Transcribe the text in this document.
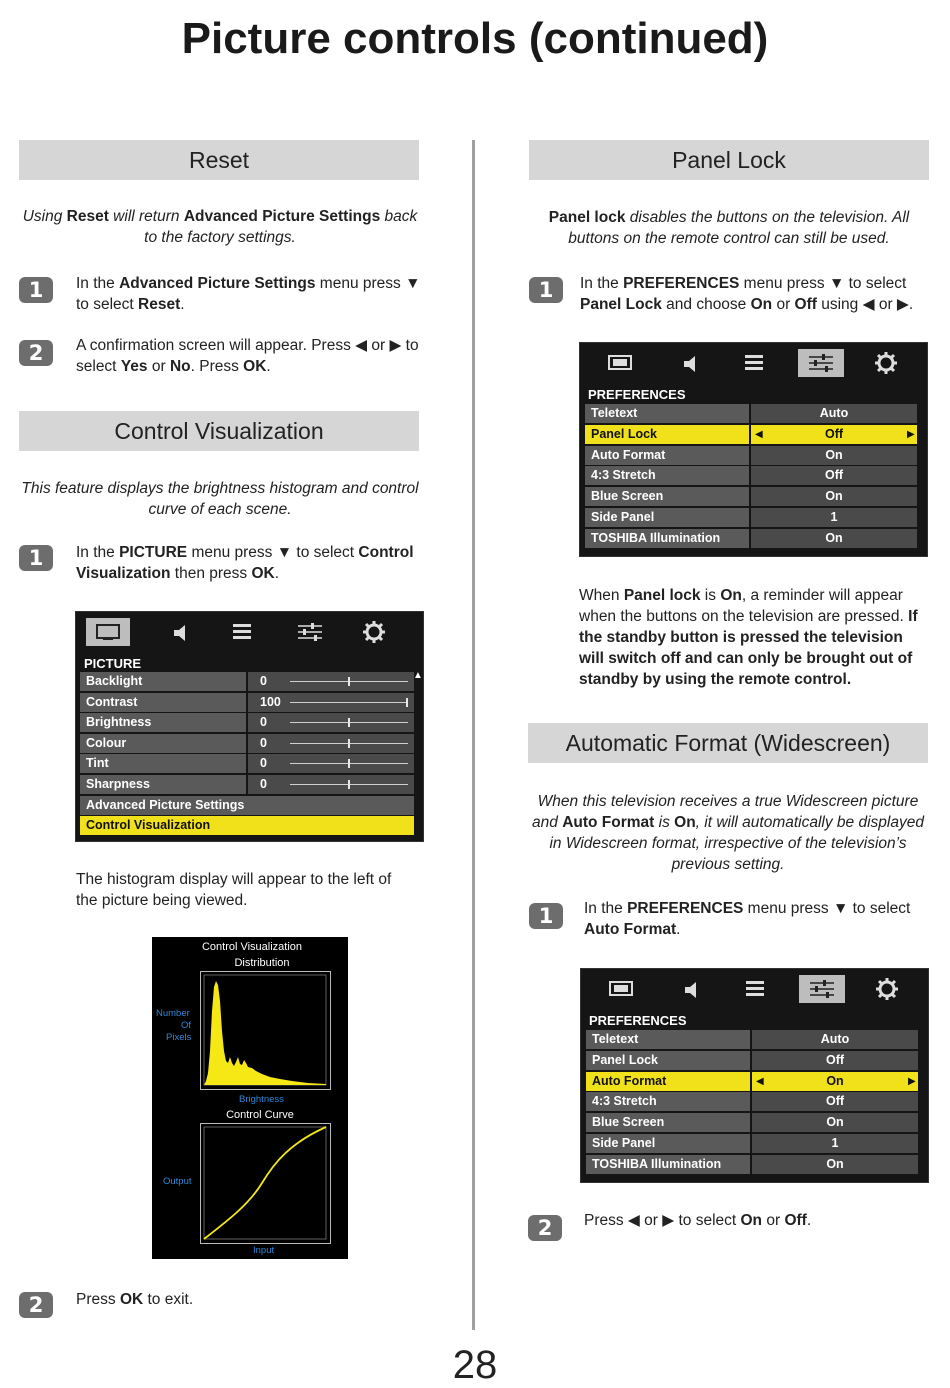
Picture controls (continued)
Reset
Using Reset will return Advanced Picture Settings back to the factory settings.
1	In the Advanced Picture Settings menu press ▼ to select Reset.
2	A confirmation screen will appear. Press ◀ or ▶ to select Yes or No. Press OK.
Control Visualization
This feature displays the brightness histogram and control curve of each scene.
1	In the PICTURE menu press ▼ to select Control Visualization then press OK.
PICTURE
Backlight	0
Contrast	100
Brightness	0
Colour	0
Tint	0
Sharpness	0
Advanced Picture Settings
Control Visualization
▲
The histogram display will appear to the left of the picture being viewed.
Control Visualization
Distribution
Number
Of
Pixels
Brightness
Control Curve
Output
Input
2	Press OK to exit.
Panel Lock
Panel lock disables the buttons on the television. All buttons on the remote control can still be used.
1	In the PREFERENCES menu press ▼ to select Panel Lock and choose On or Off using ◀ or ▶.
PREFERENCES
Teletext	Auto
Panel Lock	Off
◀	▶
Auto Format	On
4:3 Stretch	Off
Blue Screen	On
Side Panel	1
TOSHIBA Illumination	On
When Panel lock is On, a reminder will appear when the buttons on the television are pressed. If the standby button is pressed the television will switch off and can only be brought out of standby by using the remote control.
Automatic Format (Widescreen)
When this television receives a true Widescreen picture and Auto Format is On, it will automatically be displayed in Widescreen format, irrespective of the television’s previous setting.
1	In the PREFERENCES menu press ▼ to select Auto Format.
PREFERENCES
Teletext	Auto
Panel Lock	Off
Auto Format	On
◀	▶
4:3 Stretch	Off
Blue Screen	On
Side Panel	1
TOSHIBA Illumination	On
2	Press ◀ or ▶ to select On or Off.
28
